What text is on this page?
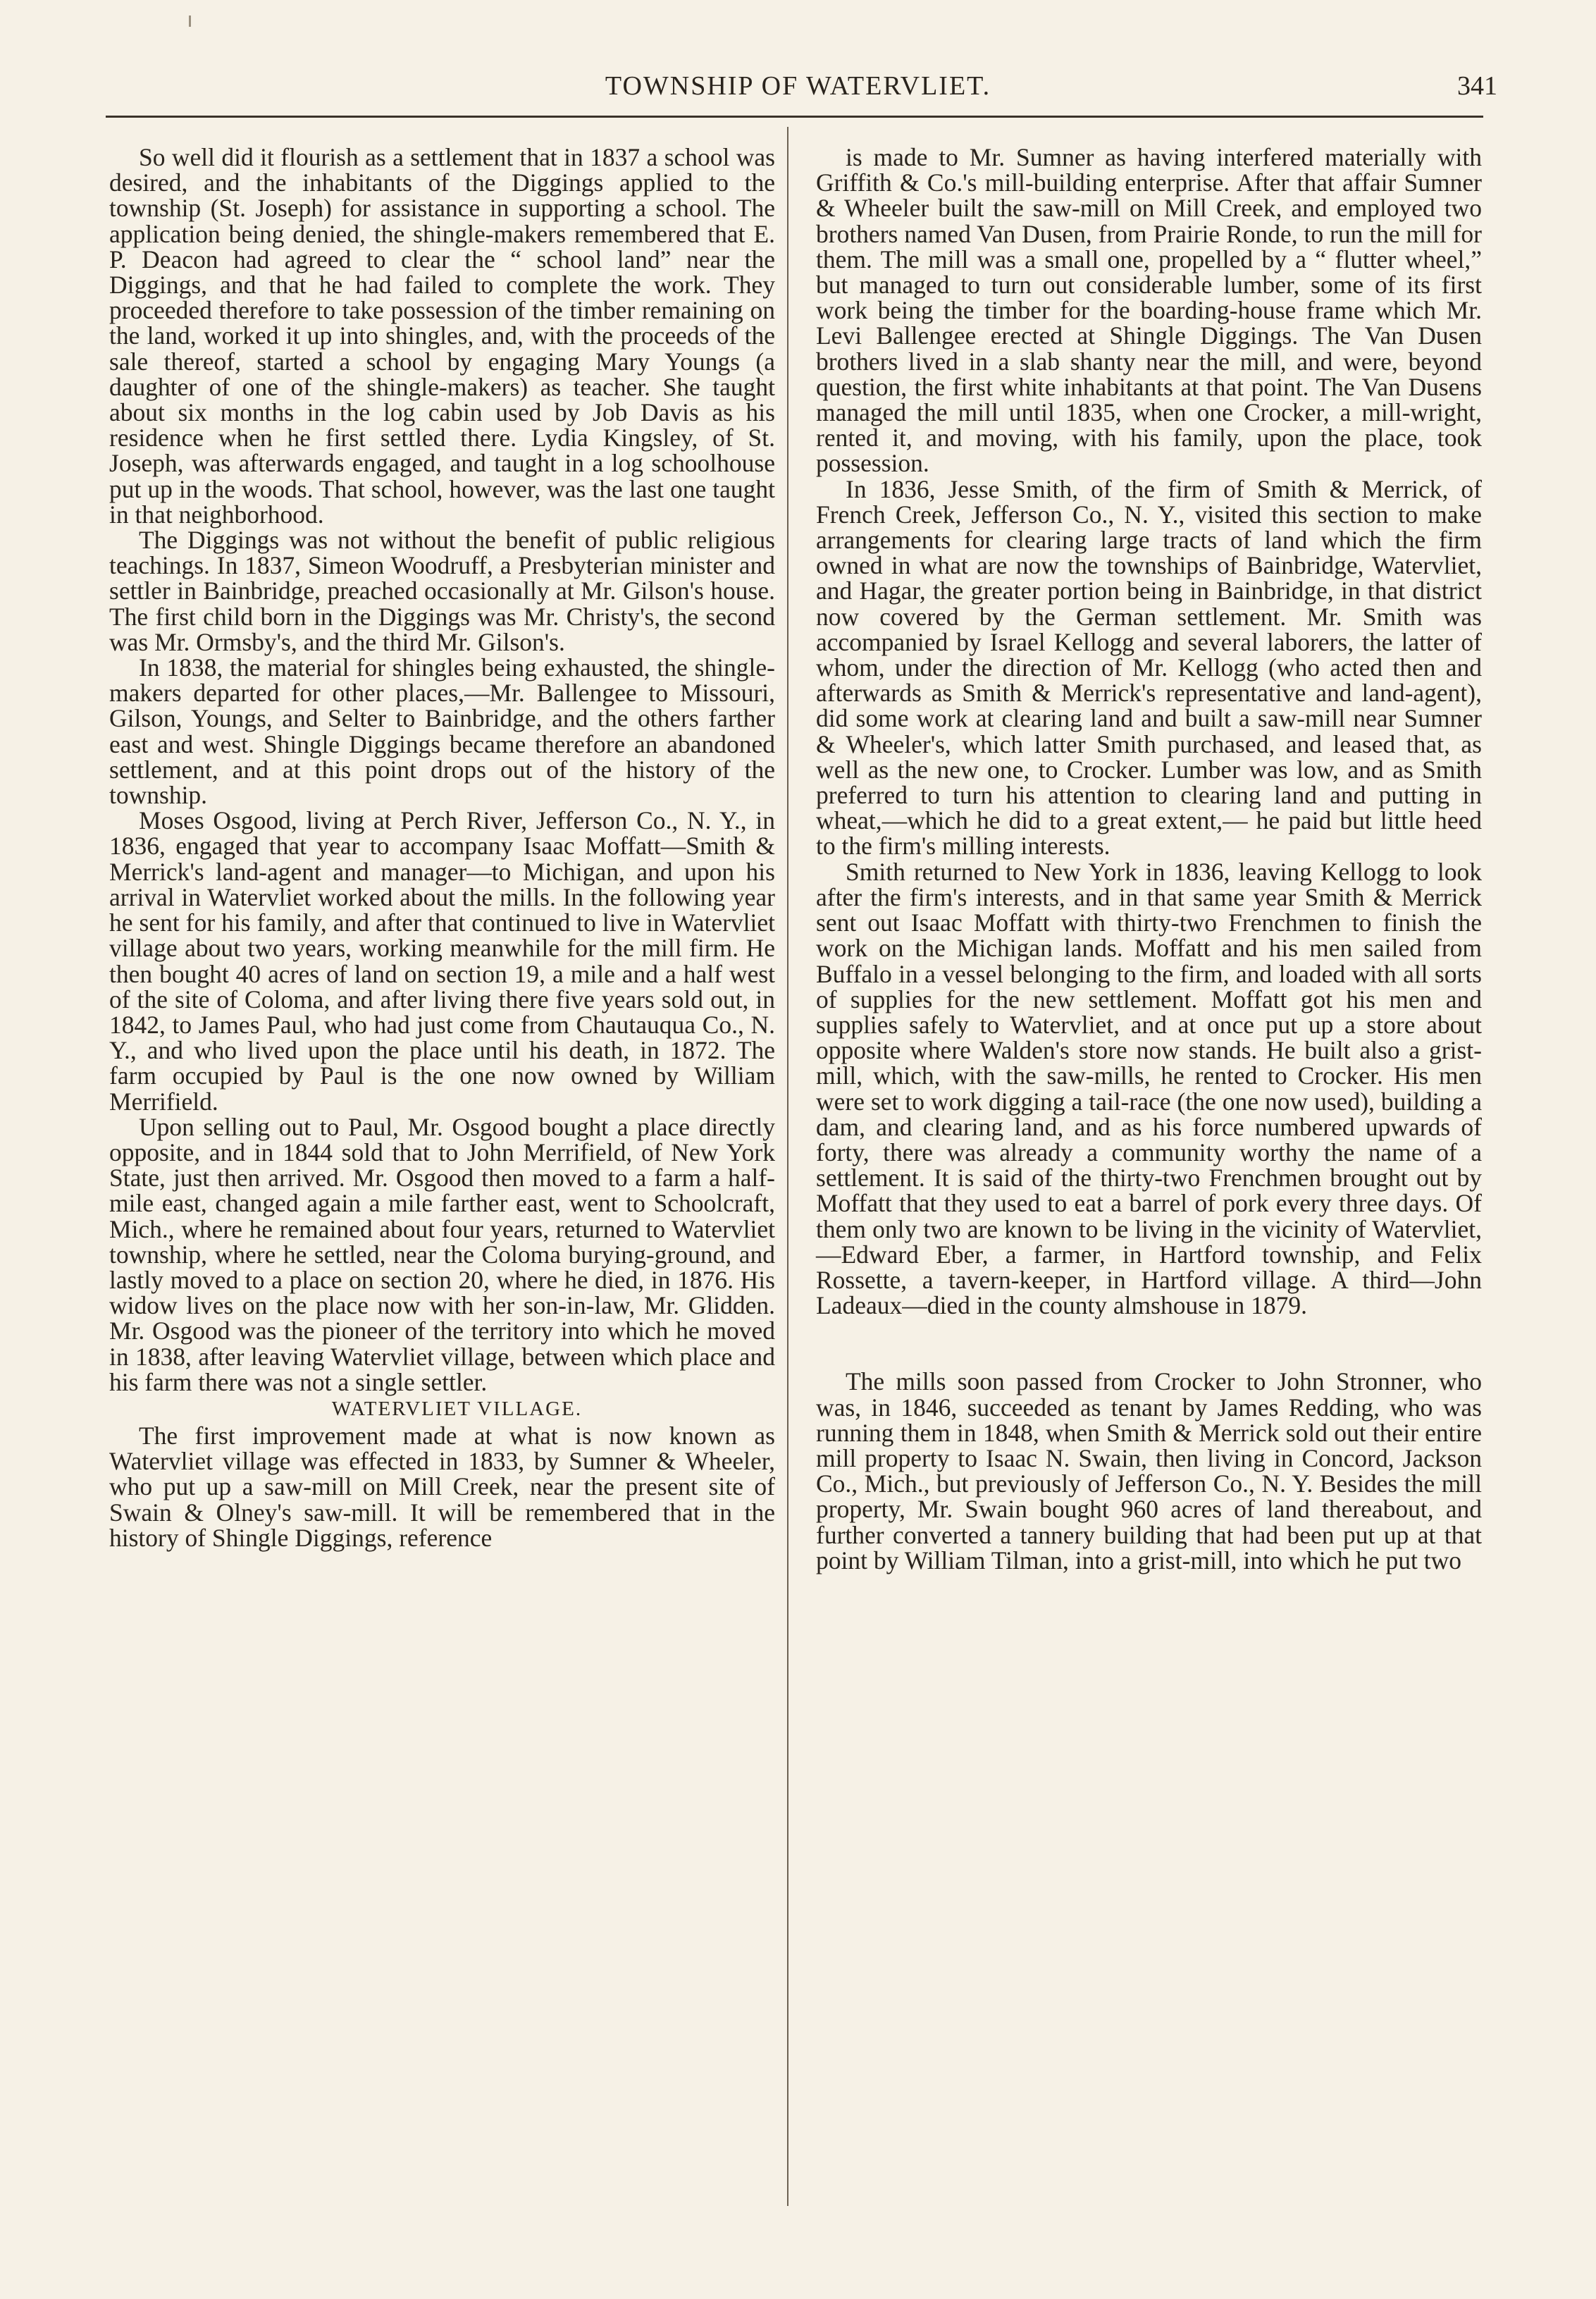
TOWNSHIP OF WATERVLIET.	341

So well did it flourish as a settlement that in 1837 a school was desired, and the inhabitants of the Diggings applied to the township (St. Joseph) for assistance in supporting a school. The application being denied, the shingle-makers remembered that E. P. Deacon had agreed to clear the “ school land” near the Diggings, and that he had failed to complete the work. They proceeded therefore to take possession of the timber remaining on the land, worked it up into shingles, and, with the proceeds of the sale thereof, started a school by engaging Mary Youngs (a daughter of one of the shingle-makers) as teacher. She taught about six months in the log cabin used by Job Davis as his residence when he first settled there. Lydia Kingsley, of St. Joseph, was afterwards engaged, and taught in a log schoolhouse put up in the woods. That school, however, was the last one taught in that neighborhood.

The Diggings was not without the benefit of public religious teachings. In 1837, Simeon Woodruff, a Presbyterian minister and settler in Bainbridge, preached occasionally at Mr. Gilson's house. The first child born in the Diggings was Mr. Christy's, the second was Mr. Ormsby's, and the third Mr. Gilson's.

In 1838, the material for shingles being exhausted, the shingle-makers departed for other places,—Mr. Ballengee to Missouri, Gilson, Youngs, and Selter to Bainbridge, and the others farther east and west. Shingle Diggings became therefore an abandoned settlement, and at this point drops out of the history of the township.

Moses Osgood, living at Perch River, Jefferson Co., N. Y., in 1836, engaged that year to accompany Isaac Moffatt—Smith & Merrick's land-agent and manager—to Michigan, and upon his arrival in Watervliet worked about the mills. In the following year he sent for his family, and after that continued to live in Watervliet village about two years, working meanwhile for the mill firm. He then bought 40 acres of land on section 19, a mile and a half west of the site of Coloma, and after living there five years sold out, in 1842, to James Paul, who had just come from Chautauqua Co., N. Y., and who lived upon the place until his death, in 1872. The farm occupied by Paul is the one now owned by William Merrifield.

Upon selling out to Paul, Mr. Osgood bought a place directly opposite, and in 1844 sold that to John Merrifield, of New York State, just then arrived. Mr. Osgood then moved to a farm a half-mile east, changed again a mile farther east, went to Schoolcraft, Mich., where he remained about four years, returned to Watervliet township, where he settled, near the Coloma burying-ground, and lastly moved to a place on section 20, where he died, in 1876. His widow lives on the place now with her son-in-law, Mr. Glidden. Mr. Osgood was the pioneer of the territory into which he moved in 1838, after leaving Watervliet village, between which place and his farm there was not a single settler.

WATERVLIET VILLAGE.

The first improvement made at what is now known as Watervliet village was effected in 1833, by Sumner & Wheeler, who put up a saw-mill on Mill Creek, near the present site of Swain & Olney's saw-mill. It will be remembered that in the history of Shingle Diggings, reference

is made to Mr. Sumner as having interfered materially with Griffith & Co.'s mill-building enterprise. After that affair Sumner & Wheeler built the saw-mill on Mill Creek, and employed two brothers named Van Dusen, from Prairie Ronde, to run the mill for them. The mill was a small one, propelled by a “ flutter wheel,” but managed to turn out considerable lumber, some of its first work being the timber for the boarding-house frame which Mr. Levi Ballengee erected at Shingle Diggings. The Van Dusen brothers lived in a slab shanty near the mill, and were, beyond question, the first white inhabitants at that point. The Van Dusens managed the mill until 1835, when one Crocker, a mill-wright, rented it, and moving, with his family, upon the place, took possession.

In 1836, Jesse Smith, of the firm of Smith & Merrick, of French Creek, Jefferson Co., N. Y., visited this section to make arrangements for clearing large tracts of land which the firm owned in what are now the townships of Bainbridge, Watervliet, and Hagar, the greater portion being in Bainbridge, in that district now covered by the German settlement. Mr. Smith was accompanied by Israel Kellogg and several laborers, the latter of whom, under the direction of Mr. Kellogg (who acted then and afterwards as Smith & Merrick's representative and land-agent), did some work at clearing land and built a saw-mill near Sumner & Wheeler's, which latter Smith purchased, and leased that, as well as the new one, to Crocker. Lumber was low, and as Smith preferred to turn his attention to clearing land and putting in wheat,—which he did to a great extent,— he paid but little heed to the firm's milling interests.

Smith returned to New York in 1836, leaving Kellogg to look after the firm's interests, and in that same year Smith & Merrick sent out Isaac Moffatt with thirty-two Frenchmen to finish the work on the Michigan lands. Moffatt and his men sailed from Buffalo in a vessel belonging to the firm, and loaded with all sorts of supplies for the new settlement. Moffatt got his men and supplies safely to Watervliet, and at once put up a store about opposite where Walden's store now stands. He built also a grist-mill, which, with the saw-mills, he rented to Crocker. His men were set to work digging a tail-race (the one now used), building a dam, and clearing land, and as his force numbered upwards of forty, there was already a community worthy the name of a settlement. It is said of the thirty-two Frenchmen brought out by Moffatt that they used to eat a barrel of pork every three days. Of them only two are known to be living in the vicinity of Watervliet,—Edward Eber, a farmer, in Hartford township, and Felix Rossette, a tavern-keeper, in Hartford village. A third—John Ladeaux—died in the county almshouse in 1879.

The mills soon passed from Crocker to John Stronner, who was, in 1846, succeeded as tenant by James Redding, who was running them in 1848, when Smith & Merrick sold out their entire mill property to Isaac N. Swain, then living in Concord, Jackson Co., Mich., but previously of Jefferson Co., N. Y. Besides the mill property, Mr. Swain bought 960 acres of land thereabout, and further converted a tannery building that had been put up at that point by William Tilman, into a grist-mill, into which he put two
